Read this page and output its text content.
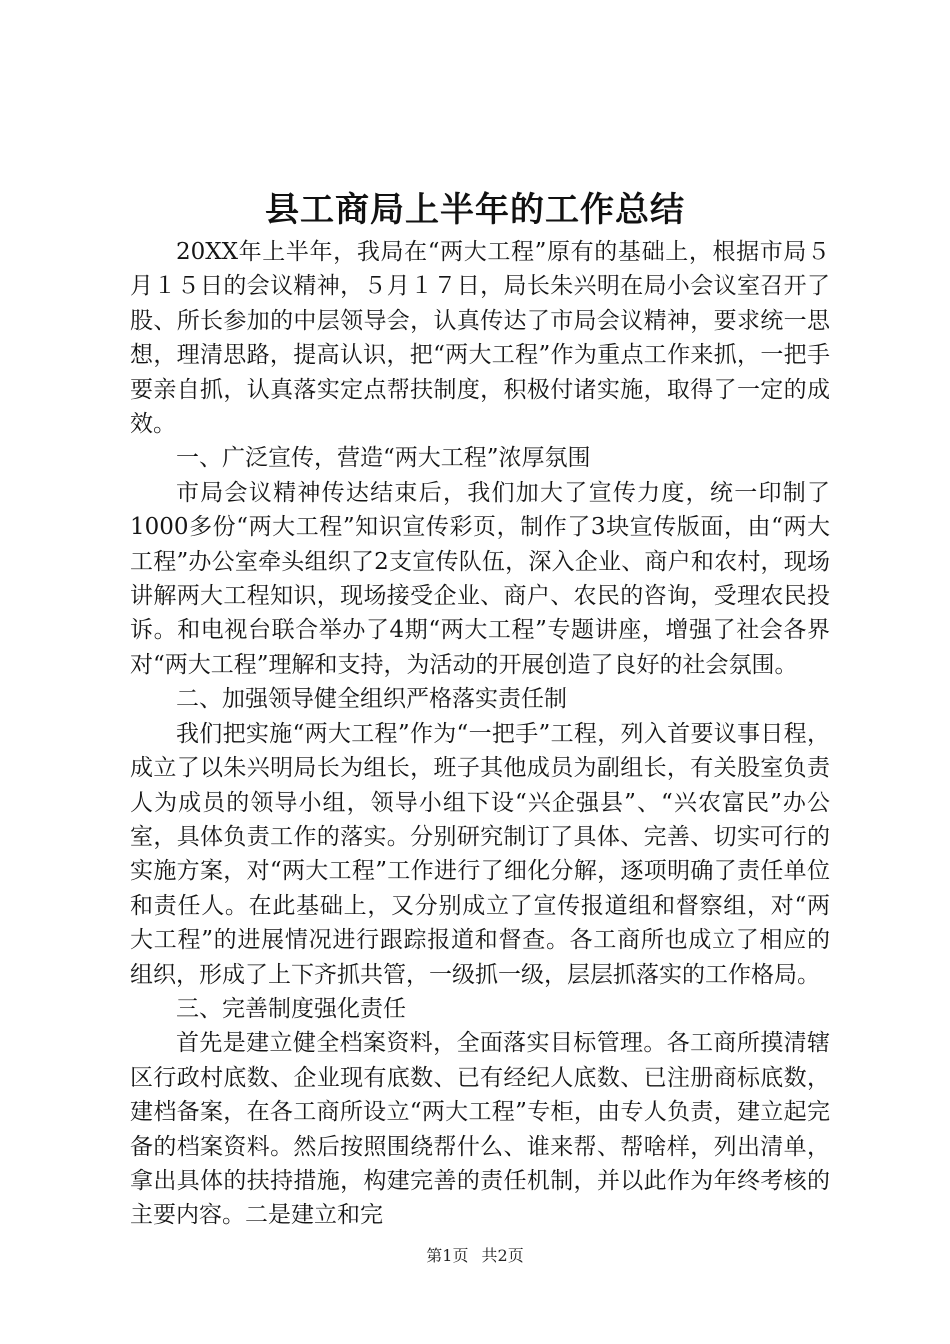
县工商局上半年的工作总结

20XX年上半年，我局在“两大工程”原有的基础上，根据市局５月１５日的会议精神，５月１７日，局长朱兴明在局小会议室召开了股、所长参加的中层领导会，认真传达了市局会议精神，要求统一思想，理清思路，提高认识，把“两大工程”作为重点工作来抓，一把手要亲自抓，认真落实定点帮扶制度，积极付诸实施，取得了一定的成效。

一、广泛宣传，营造“两大工程”浓厚氛围

市局会议精神传达结束后，我们加大了宣传力度，统一印制了1000多份“两大工程”知识宣传彩页，制作了3块宣传版面，由“两大工程”办公室牵头组织了2支宣传队伍，深入企业、商户和农村，现场讲解两大工程知识，现场接受企业、商户、农民的咨询，受理农民投诉。和电视台联合举办了4期“两大工程”专题讲座，增强了社会各界对“两大工程”理解和支持，为活动的开展创造了良好的社会氛围。

二、加强领导健全组织严格落实责任制

我们把实施“两大工程”作为“一把手”工程，列入首要议事日程，成立了以朱兴明局长为组长，班子其他成员为副组长，有关股室负责人为成员的领导小组，领导小组下设“兴企强县”、“兴农富民”办公室，具体负责工作的落实。分别研究制订了具体、完善、切实可行的实施方案，对“两大工程”工作进行了细化分解，逐项明确了责任单位和责任人。在此基础上，又分别成立了宣传报道组和督察组，对“两大工程”的进展情况进行跟踪报道和督查。各工商所也成立了相应的组织，形成了上下齐抓共管，一级抓一级，层层抓落实的工作格局。

三、完善制度强化责任

首先是建立健全档案资料，全面落实目标管理。各工商所摸清辖区行政村底数、企业现有底数、已有经纪人底数、已注册商标底数，建档备案，在各工商所设立“两大工程”专柜，由专人负责，建立起完备的档案资料。然后按照围绕帮什么、谁来帮、帮啥样，列出清单，拿出具体的扶持措施，构建完善的责任机制，并以此作为年终考核的主要内容。二是建立和完

第1页 共2页
